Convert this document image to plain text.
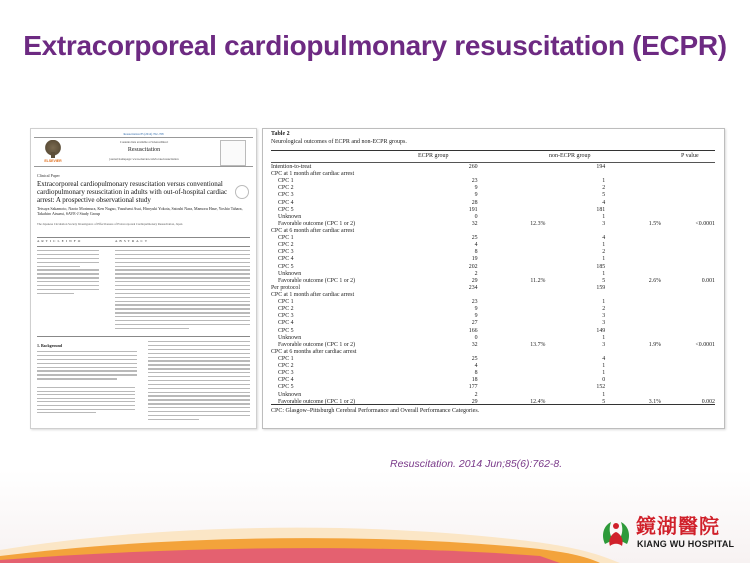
Extracorporeal cardiopulmonary resuscitation (ECPR)
Resuscitation 85 (2014) 762–768
ELSEVIER
Contents lists available at ScienceDirect
Resuscitation
journal homepage: www.elsevier.com/locate/resuscitation
Clinical Paper
Extracorporeal cardiopulmonary resuscitation versus conventional cardiopulmonary resuscitation in adults with out-of-hospital cardiac arrest: A prospective observational study
Tetsuya Sakamoto, Naoto Morimura, Ken Nagao, Yasufumi Asai, Hiroyuki Yokota, Satoshi Nara, Mamoru Hase, Yoshio Tahara, Takahiro Atsumi, SAVE-J Study Group
The Japanese Circulation Society Investigators of Effectiveness of Extracorporeal Cardiopulmonary Resuscitation, Japan
A R T I C L E I N F O	A B S T R A C T
1. Background
Table 2
Neurological outcomes of ECPR and non-ECPR groups.
ECPR group	non-ECPR group	P value
Intention-to-treat	260		194		
CPC at 1 month after cardiac arrest					
CPC 1	23		1		
CPC 2	9		2		
CPC 3	9		5		
CPC 4	28		4		
CPC 5	191		181		
Unknown	0		1		
Favorable outcome (CPC 1 or 2)	32	12.3%	3	1.5%	<0.0001
CPC at 6 month after cardiac arrest					
CPC 1	25		4		
CPC 2	4		1		
CPC 3	8		2		
CPC 4	19		1		
CPC 5	202		185		
Unknown	2		1		
Favorable outcome (CPC 1 or 2)	29	11.2%	5	2.6%	0.001
Per protocol	234		159		
CPC at 1 month after cardiac arrest					
CPC 1	23		1		
CPC 2	9		2		
CPC 3	9		3		
CPC 4	27		3		
CPC 5	166		149		
Unknown	0		1		
Favorable outcome (CPC 1 or 2)	32	13.7%	3	1.9%	<0.0001
CPC at 6 months after cardiac arrest					
CPC 1	25		4		
CPC 2	4		1		
CPC 3	8		1		
CPC 4	18		0		
CPC 5	177		152		
Unknown	2		1		
Favorable outcome (CPC 1 or 2)	29	12.4%	5	3.1%	0.002
CPC: Glasgow–Pittsburgh Cerebral Performance and Overall Performance Categories.
Resuscitation. 2014 Jun;85(6):762-8.
鏡湖醫院
KIANG WU HOSPITAL
